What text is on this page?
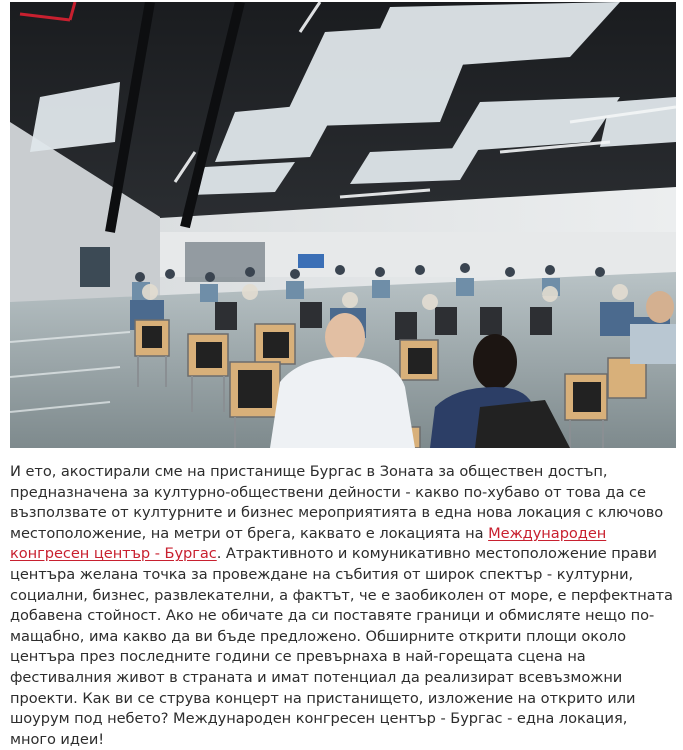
И ето, акостирали сме на пристанище Бургас в Зоната за обществен достъп, предназначена за културно-обществени дейности - какво по-хубаво от това да се възползвате от културните и бизнес мероприятията в една нова локация с ключово местоположение, на метри от брега, каквато е локацията на Международен конгресен център - Бургас. Атрактивното и комуникативно местоположение прави центъра желана точка за провеждане на събития от широк спектър - културни, социални, бизнес, развлекателни, а фактът, че е заобиколен от море, е перфектната добавена стойност. Ако не обичате да си поставяте граници и обмисляте нещо по-мащабно, има какво да ви бъде предложено. Обширните открити площи около центъра през последните години се превърнаха в най-горещата сцена на фестивалния живот в страната и имат потенциал да реализират всевъзможни проекти. Как ви се струва концерт на пристанището, изложение на открито или шоурум под небето? Международен конгресен център - Бургас - една локация, много идеи!
